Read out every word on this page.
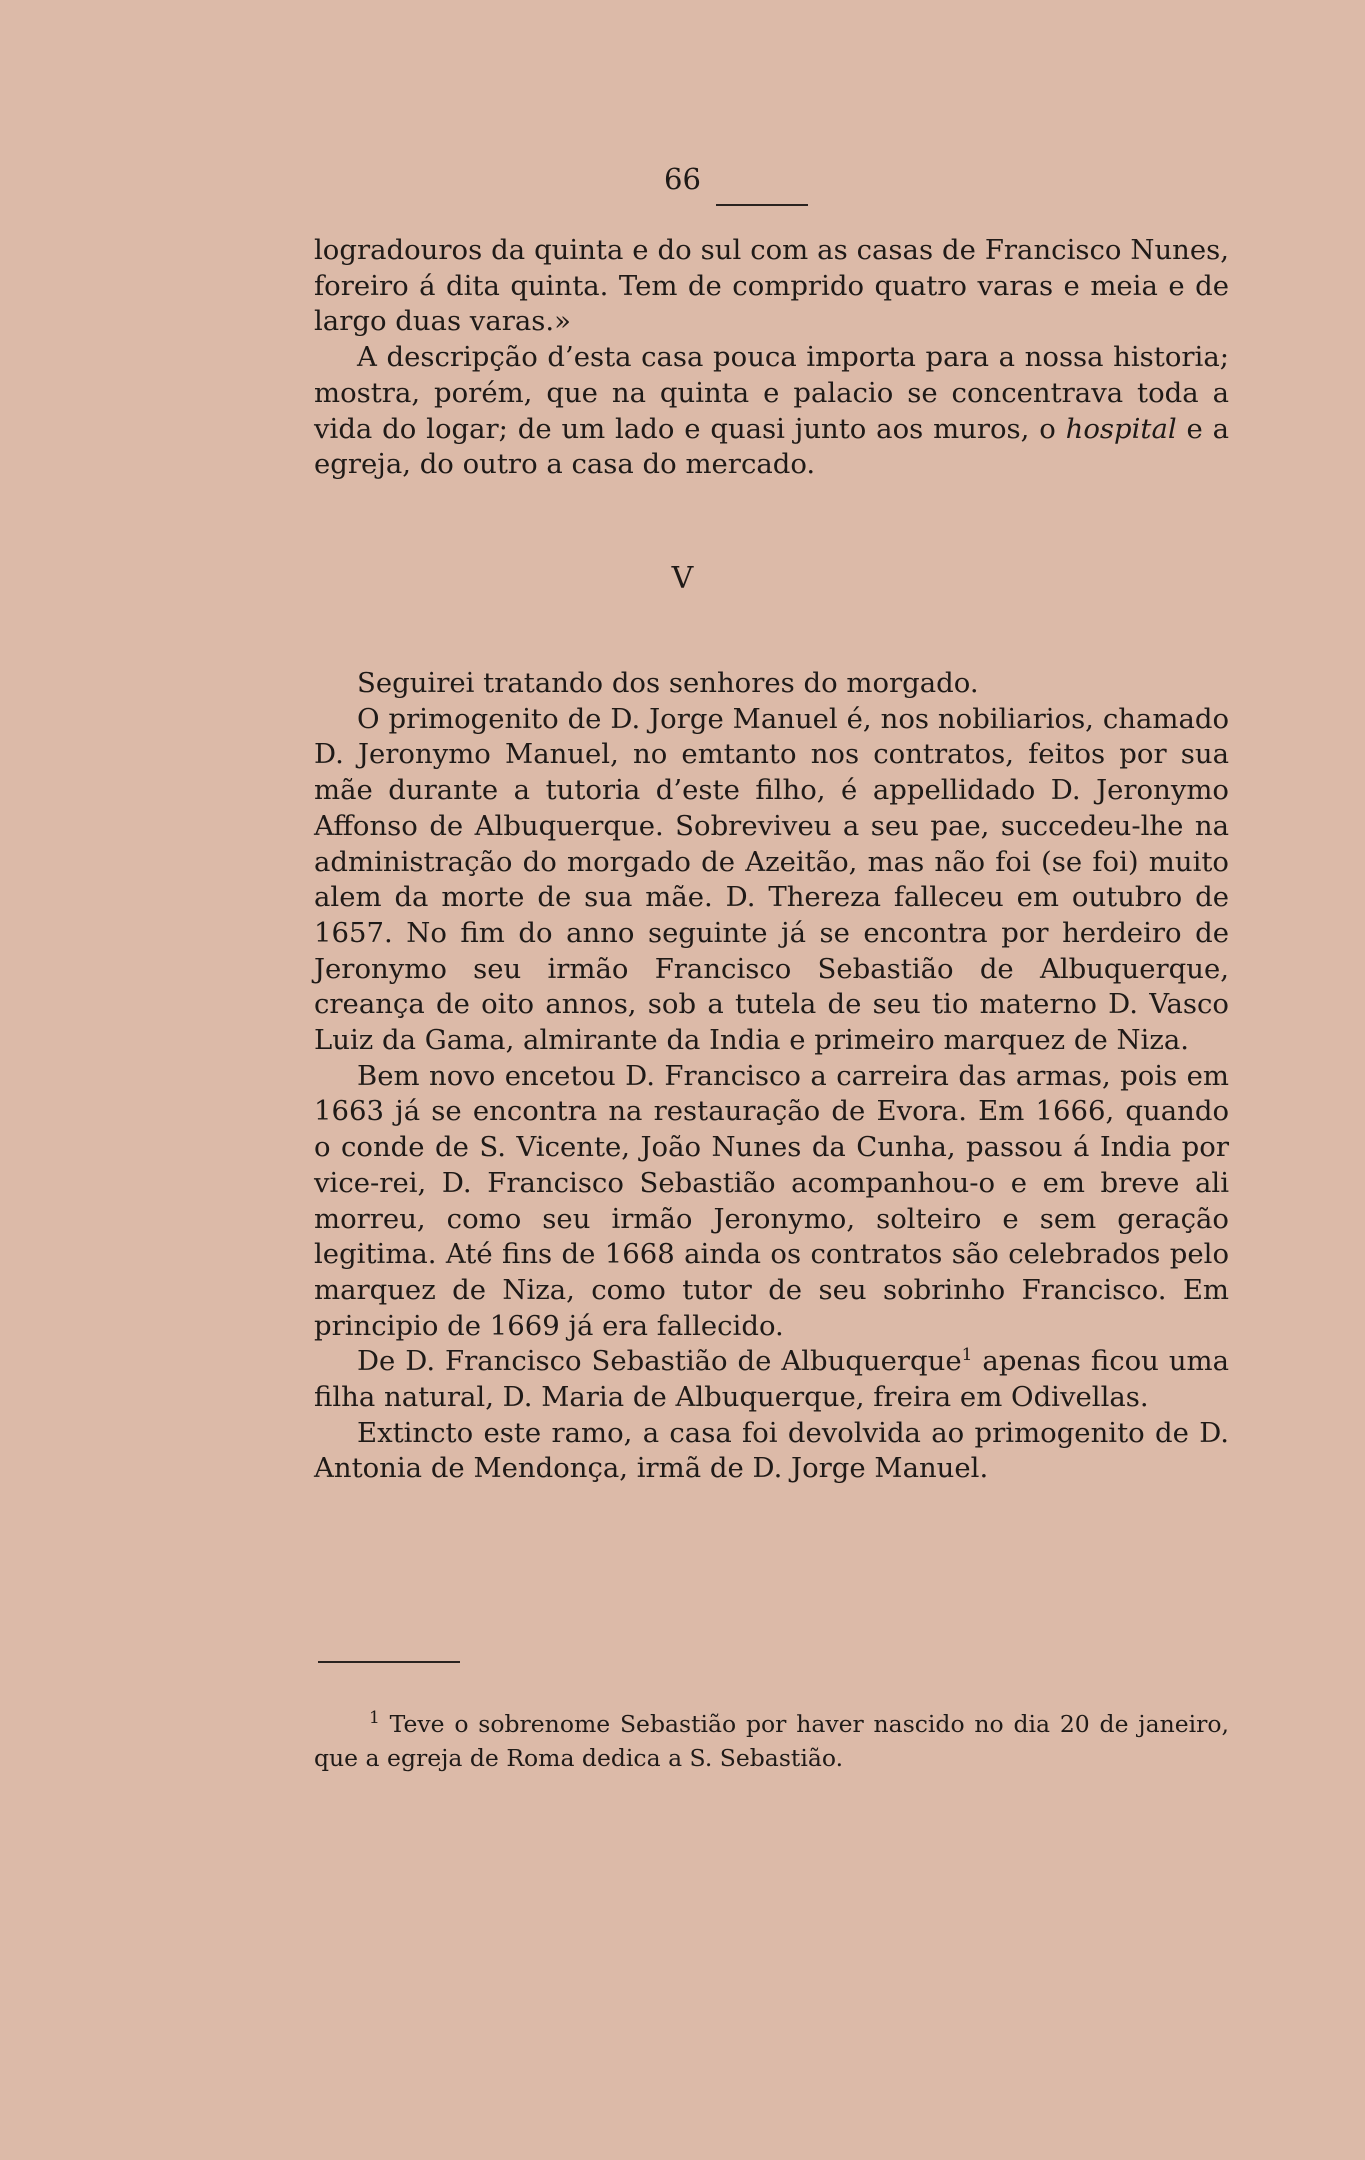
66

logradouros da quinta e do sul com as casas de Francisco Nunes, foreiro á dita quinta. Tem de comprido quatro varas e meia e de largo duas varas.»

A descripção d’esta casa pouca importa para a nossa historia; mostra, porém, que na quinta e palacio se concentrava toda a vida do logar; de um lado e quasi junto aos muros, o hospital e a egreja, do outro a casa do mercado.

V

Seguirei tratando dos senhores do morgado.

O primogenito de D. Jorge Manuel é, nos nobiliarios, chamado D. Jeronymo Manuel, no emtanto nos contratos, feitos por sua mãe durante a tutoria d’este filho, é appellidado D. Jeronymo Affonso de Albuquerque. Sobreviveu a seu pae, succedeu-lhe na administração do morgado de Azeitão, mas não foi (se foi) muito alem da morte de sua mãe. D. Thereza falleceu em outubro de 1657. No fim do anno seguinte já se encontra por herdeiro de Jeronymo seu irmão Francisco Sebastião de Albuquerque, creança de oito annos, sob a tutela de seu tio materno D. Vasco Luiz da Gama, almirante da India e primeiro marquez de Niza.

Bem novo encetou D. Francisco a carreira das armas, pois em 1663 já se encontra na restauração de Evora. Em 1666, quando o conde de S. Vicente, João Nunes da Cunha, passou á India por vice-rei, D. Francisco Sebastião acompanhou-o e em breve ali morreu, como seu irmão Jeronymo, solteiro e sem geração legitima. Até fins de 1668 ainda os contratos são celebrados pelo marquez de Niza, como tutor de seu sobrinho Francisco. Em principio de 1669 já era fallecido.

De D. Francisco Sebastião de Albuquerque$^1$ apenas ficou uma filha natural, D. Maria de Albuquerque, freira em Odivellas.

Extincto este ramo, a casa foi devolvida ao primogenito de D. Antonia de Mendonça, irmã de D. Jorge Manuel.

$^1$ Teve o sobrenome Sebastião por haver nascido no dia 20 de janeiro, que a egreja de Roma dedica a S. Sebastião.
